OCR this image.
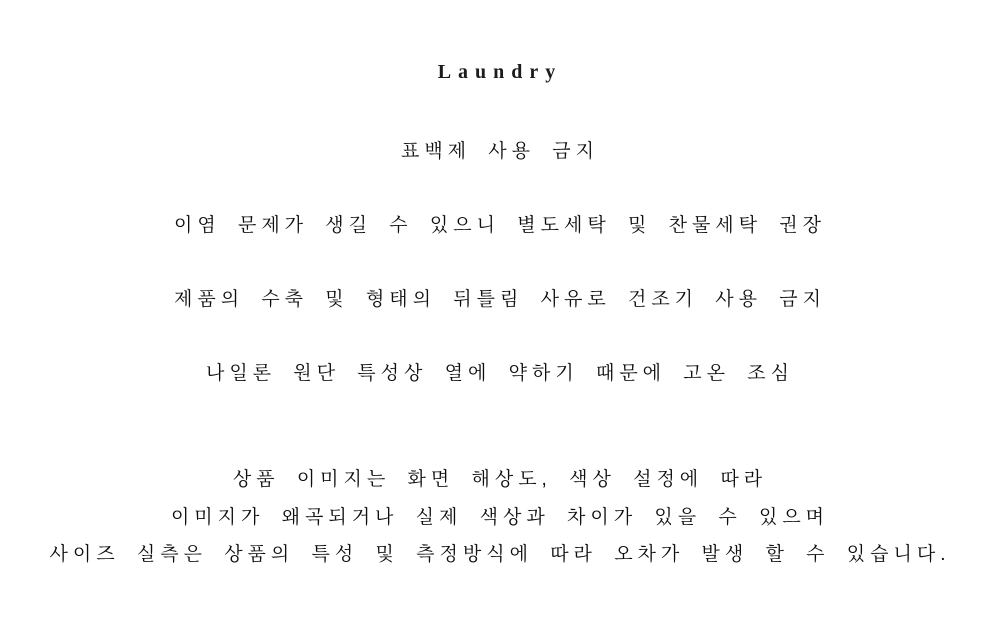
Laundry
표백제 사용 금지
이염 문제가 생길 수 있으니 별도세탁 및 찬물세탁 권장
제품의 수축 및 형태의 뒤틀림 사유로 건조기 사용 금지
나일론 원단 특성상 열에 약하기 때문에 고온 조심
상품 이미지는 화면 해상도, 색상 설정에 따라
이미지가 왜곡되거나 실제 색상과 차이가 있을 수 있으며
사이즈 실측은 상품의 특성 및 측정방식에 따라 오차가 발생 할 수 있습니다.
